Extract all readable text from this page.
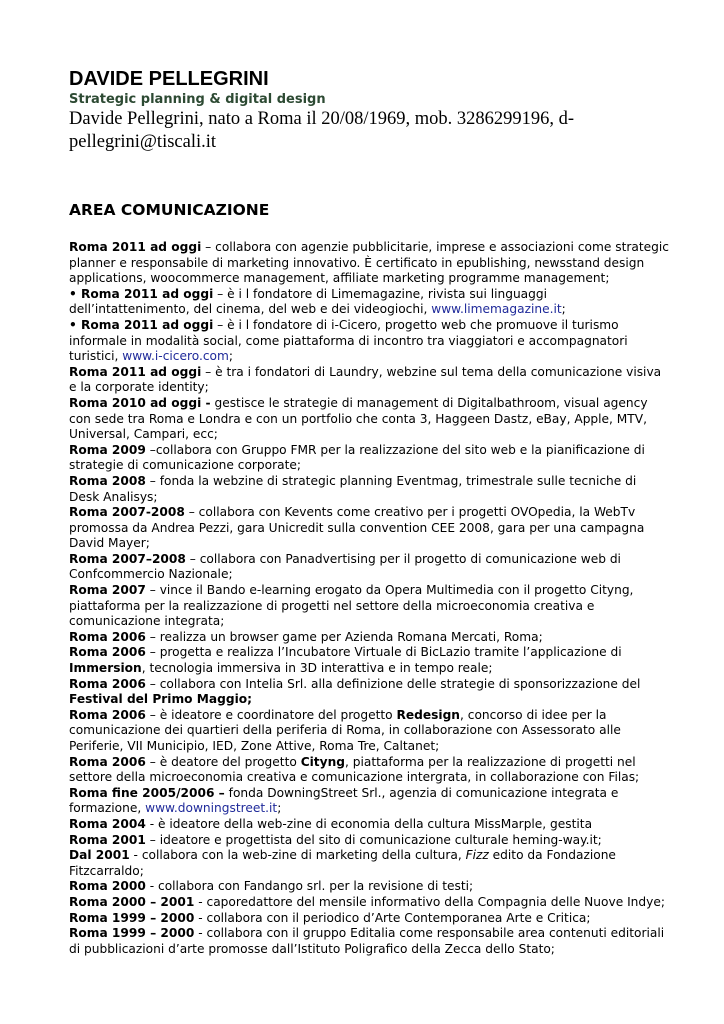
DAVIDE PELLEGRINI

Strategic planning & digital design

Davide Pellegrini, nato a Roma il 20/08/1969, mob. 3286299196, d-pellegrini@tiscali.it

AREA COMUNICAZIONE

Roma 2011 ad oggi – collabora con agenzie pubblicitarie, imprese e associazioni come strategic planner e responsabile di marketing innovativo. È certificato in epublishing, newsstand design applications, woocommerce management, affiliate marketing programme management;

• Roma 2011 ad oggi – è i l fondatore di Limemagazine, rivista sui linguaggi dell’intattenimento, del cinema, del web e dei videogiochi, www.limemagazine.it;

• Roma 2011 ad oggi – è i l fondatore di i-Cicero, progetto web che promuove il turismo informale in modalità social, come piattaforma di incontro tra viaggiatori e accompagnatori turistici, www.i-cicero.com;

Roma 2011 ad oggi – è tra i fondatori di Laundry, webzine sul tema della comunicazione visiva e la corporate identity;

Roma 2010 ad oggi - gestisce le strategie di management di Digitalbathroom, visual agency con sede tra Roma e Londra e con un portfolio che conta 3, Haggeen Dastz, eBay, Apple, MTV, Universal, Campari, ecc;

Roma 2009 –collabora con Gruppo FMR per la realizzazione del sito web e la pianificazione di strategie di comunicazione corporate;

Roma 2008 – fonda la webzine di strategic planning Eventmag, trimestrale sulle tecniche di Desk Analisys;

Roma 2007-2008 – collabora con Kevents come creativo per i progetti OVOpedia, la WebTv promossa da Andrea Pezzi, gara Unicredit sulla convention CEE 2008, gara per una campagna David Mayer;

Roma 2007–2008 – collabora con Panadvertising per il progetto di comunicazione web di Confcommercio Nazionale;

Roma 2007 – vince il Bando e-learning erogato da Opera Multimedia con il progetto Cityng, piattaforma per la realizzazione di progetti nel settore della microeconomia creativa e comunicazione integrata;

Roma 2006 – realizza un browser game per Azienda Romana Mercati, Roma;

Roma 2006 – progetta e realizza l’Incubatore Virtuale di BicLazio tramite l’applicazione di Immersion, tecnologia immersiva in 3D interattiva e in tempo reale;

Roma 2006 – collabora con Intelia Srl. alla definizione delle strategie di sponsorizzazione del Festival del Primo Maggio;

Roma 2006 – è ideatore e coordinatore del progetto Redesign, concorso di idee per la comunicazione dei quartieri della periferia di Roma, in collaborazione con Assessorato alle Periferie, VII Municipio, IED, Zone Attive, Roma Tre, Caltanet;

Roma 2006 – è deatore del progetto Cityng, piattaforma per la realizzazione di progetti nel settore della microeconomia creativa e comunicazione intergrata, in collaborazione con Filas;

Roma fine 2005/2006 – fonda DowningStreet Srl., agenzia di comunicazione integrata e formazione, www.downingstreet.it;

Roma 2004 - è ideatore della web-zine di economia della cultura MissMarple, gestita

Roma 2001 – ideatore e progettista del sito di comunicazione culturale heming-way.it;

Dal 2001 - collabora con la web-zine di marketing della cultura, Fizz edito da Fondazione Fitzcarraldo;

Roma 2000 - collabora con Fandango srl. per la revisione di testi;

Roma 2000 – 2001 - caporedattore del mensile informativo della Compagnia delle Nuove Indye;

Roma 1999 – 2000 - collabora con il periodico d’Arte Contemporanea Arte e Critica;

Roma 1999 – 2000 - collabora con il gruppo Editalia come responsabile area contenuti editoriali di pubblicazioni d’arte promosse dall’Istituto Poligrafico della Zecca dello Stato;
